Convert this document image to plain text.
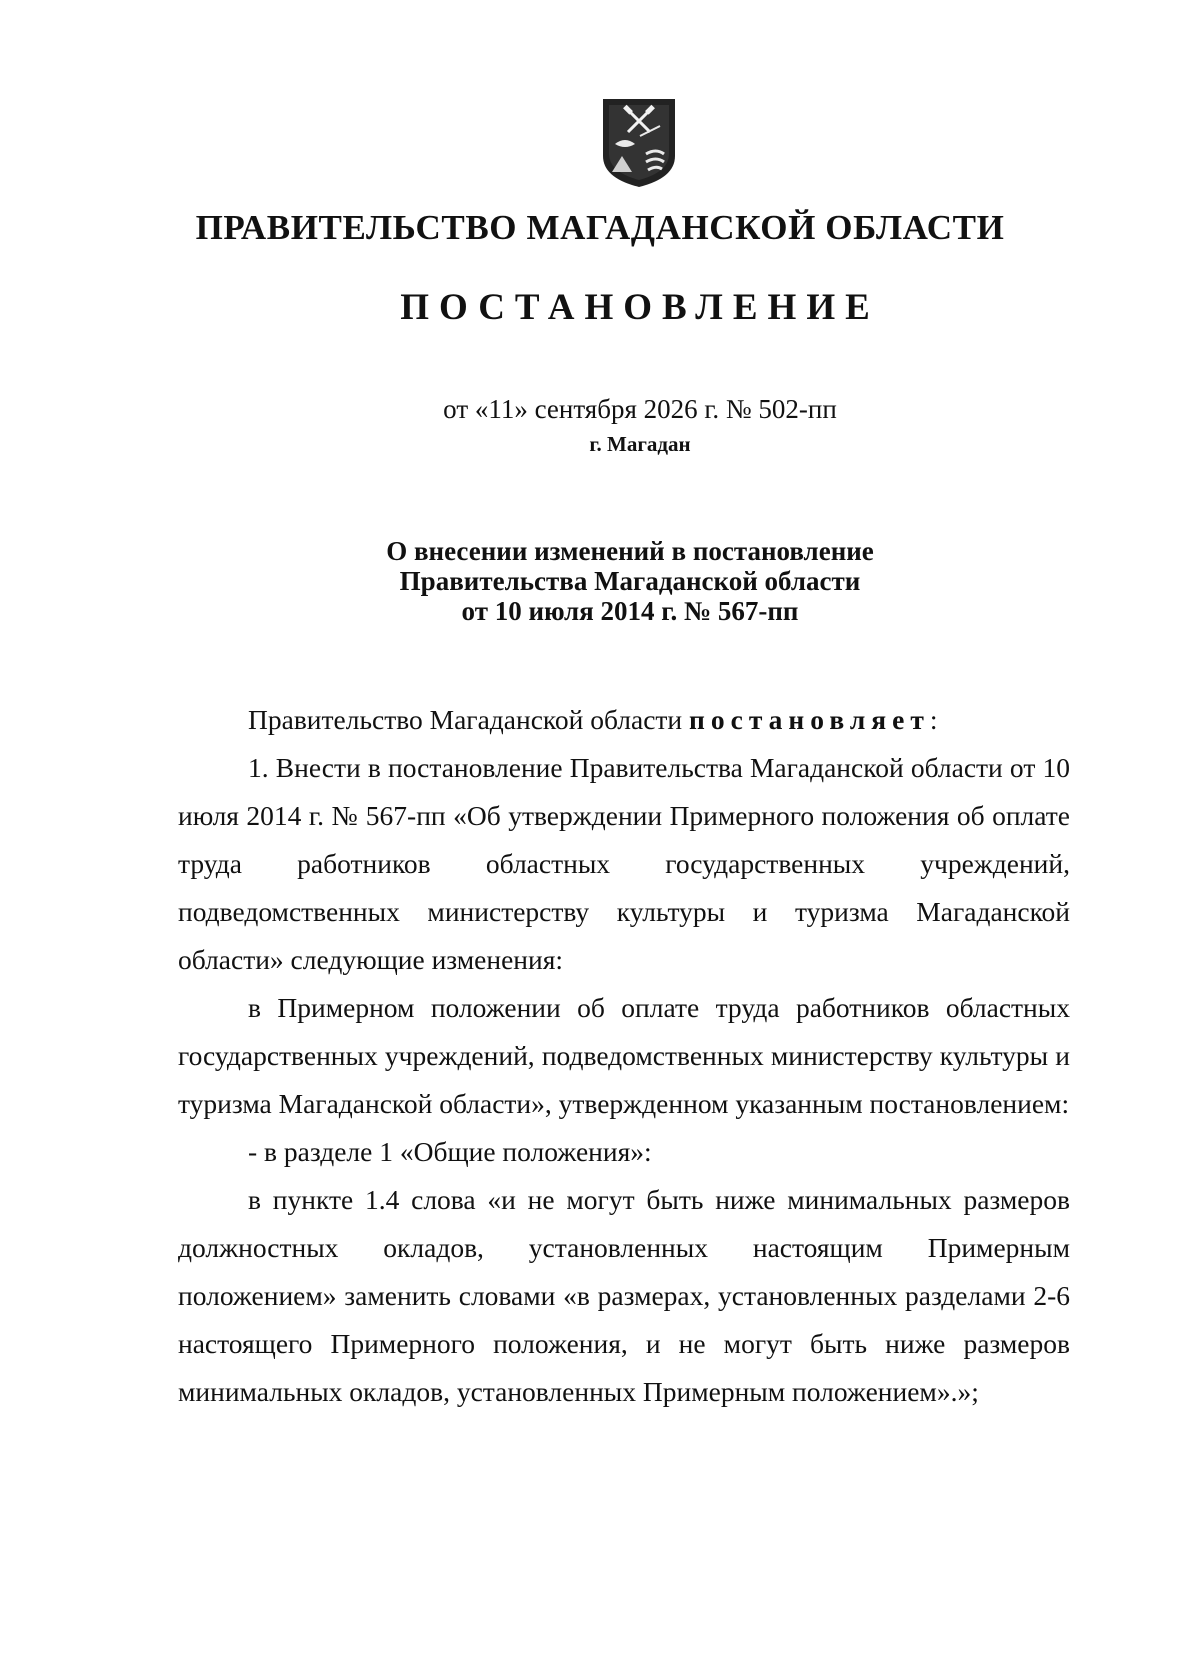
ПРАВИТЕЛЬСТВО МАГАДАНСКОЙ ОБЛАСТИ
ПОСТАНОВЛЕНИЕ
от «11» сентября 2026 г. № 502-пп
г. Магадан
О внесении изменений в постановление
Правительства Магаданской области
от 10 июля 2014 г. № 567-пп

Правительство Магаданской области постановляет:

1. Внести в постановление Правительства Магаданской области от 10 июля 2014 г. № 567-пп «Об утверждении Примерного положения об оплате труда работников областных государственных учреждений, подведомственных министерству культуры и туризма Магаданской области» следующие изменения:

в Примерном положении об оплате труда работников областных государственных учреждений, подведомственных министерству культуры и туризма Магаданской области», утвержденном указанным постановлением:

- в разделе 1 «Общие положения»:

в пункте 1.4 слова «и не могут быть ниже минимальных размеров должностных окладов, установленных настоящим Примерным положением» заменить словами «в размерах, установленных разделами 2-6 настоящего Примерного положения, и не могут быть ниже размеров минимальных окладов, установленных Примерным положением».»;
